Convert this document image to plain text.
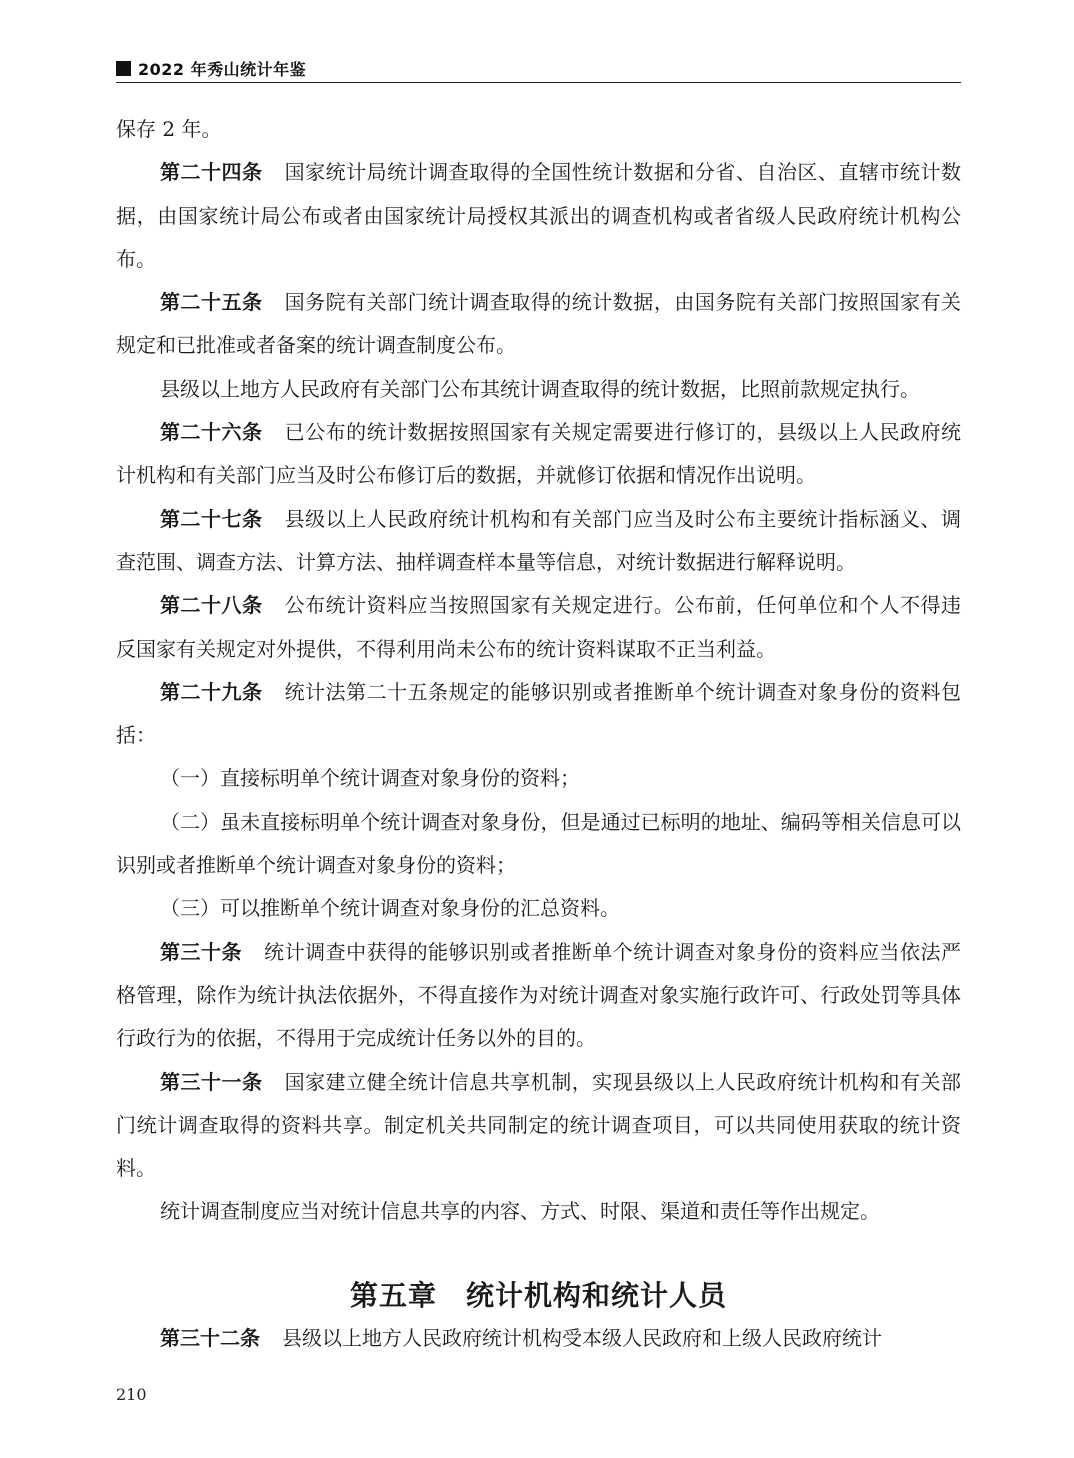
2022 年秀山统计年鉴

保存 2 年。

第二十四条 国家统计局统计调查取得的全国性统计数据和分省、自治区、直辖市统计数据，由国家统计局公布或者由国家统计局授权其派出的调查机构或者省级人民政府统计机构公布。

第二十五条 国务院有关部门统计调查取得的统计数据，由国务院有关部门按照国家有关规定和已批准或者备案的统计调查制度公布。

县级以上地方人民政府有关部门公布其统计调查取得的统计数据，比照前款规定执行。

第二十六条 已公布的统计数据按照国家有关规定需要进行修订的，县级以上人民政府统计机构和有关部门应当及时公布修订后的数据，并就修订依据和情况作出说明。

第二十七条 县级以上人民政府统计机构和有关部门应当及时公布主要统计指标涵义、调查范围、调查方法、计算方法、抽样调查样本量等信息，对统计数据进行解释说明。

第二十八条 公布统计资料应当按照国家有关规定进行。公布前，任何单位和个人不得违反国家有关规定对外提供，不得利用尚未公布的统计资料谋取不正当利益。

第二十九条 统计法第二十五条规定的能够识别或者推断单个统计调查对象身份的资料包括：

（一）直接标明单个统计调查对象身份的资料；

（二）虽未直接标明单个统计调查对象身份，但是通过已标明的地址、编码等相关信息可以识别或者推断单个统计调查对象身份的资料；

（三）可以推断单个统计调查对象身份的汇总资料。

第三十条 统计调查中获得的能够识别或者推断单个统计调查对象身份的资料应当依法严格管理，除作为统计执法依据外，不得直接作为对统计调查对象实施行政许可、行政处罚等具体行政行为的依据，不得用于完成统计任务以外的目的。

第三十一条 国家建立健全统计信息共享机制，实现县级以上人民政府统计机构和有关部门统计调查取得的资料共享。制定机关共同制定的统计调查项目，可以共同使用获取的统计资料。

统计调查制度应当对统计信息共享的内容、方式、时限、渠道和责任等作出规定。

第五章　统计机构和统计人员

第三十二条 县级以上地方人民政府统计机构受本级人民政府和上级人民政府统计

210
